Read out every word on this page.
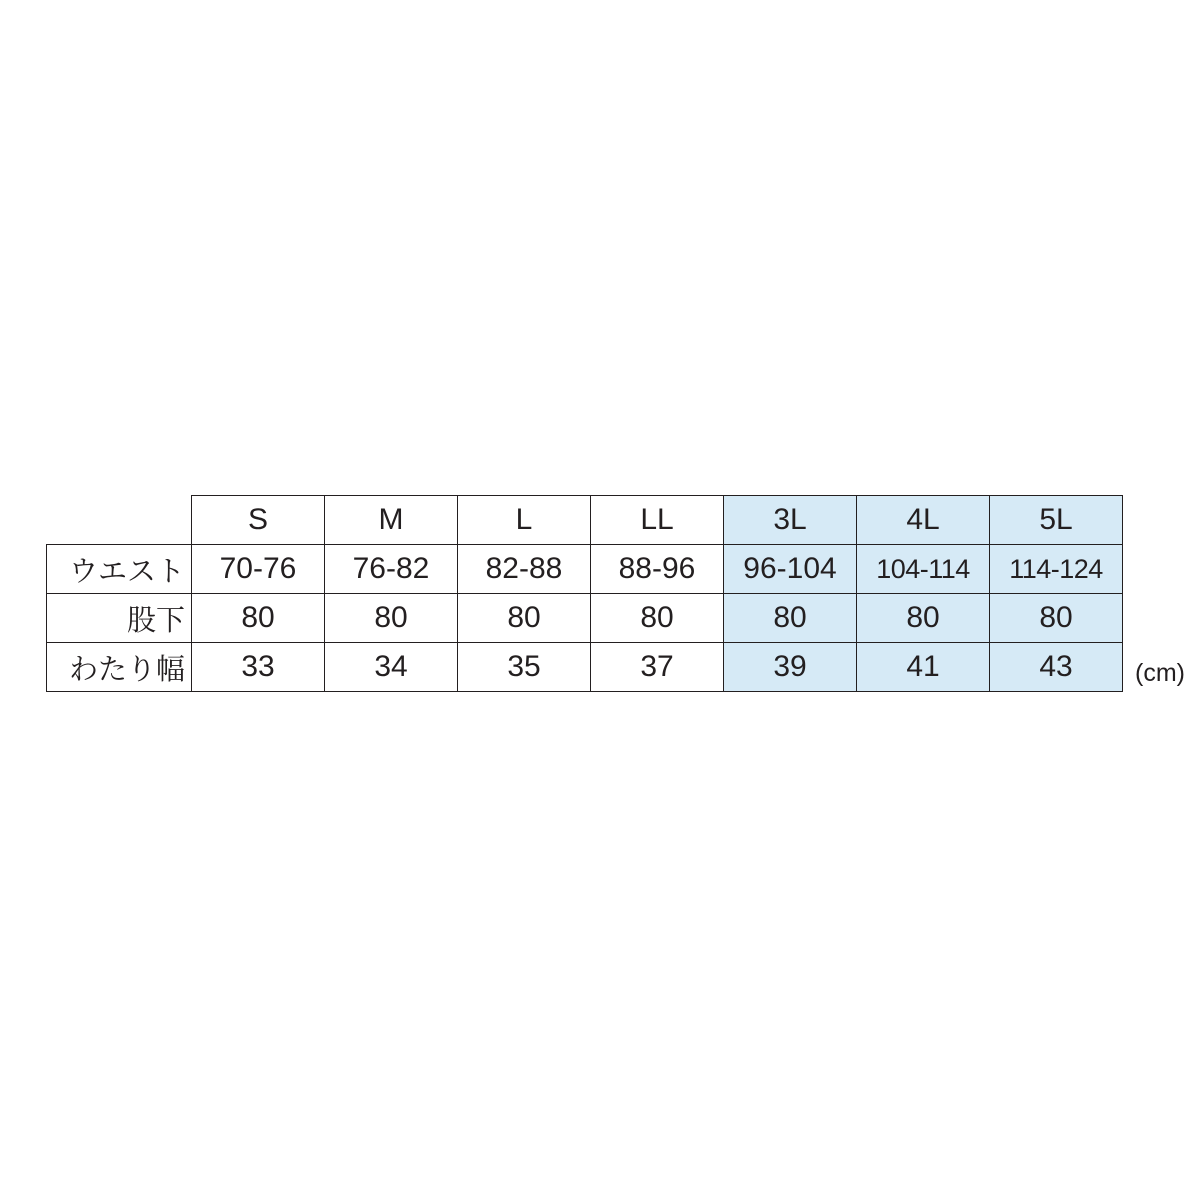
	S	M	L	LL	3L	4L	5L
ウエスト	70-76	76-82	82-88	88-96	96-104	104-114	114-124
股下	80	80	80	80	80	80	80
わたり幅	33	34	35	37	39	41	43 (cm)
